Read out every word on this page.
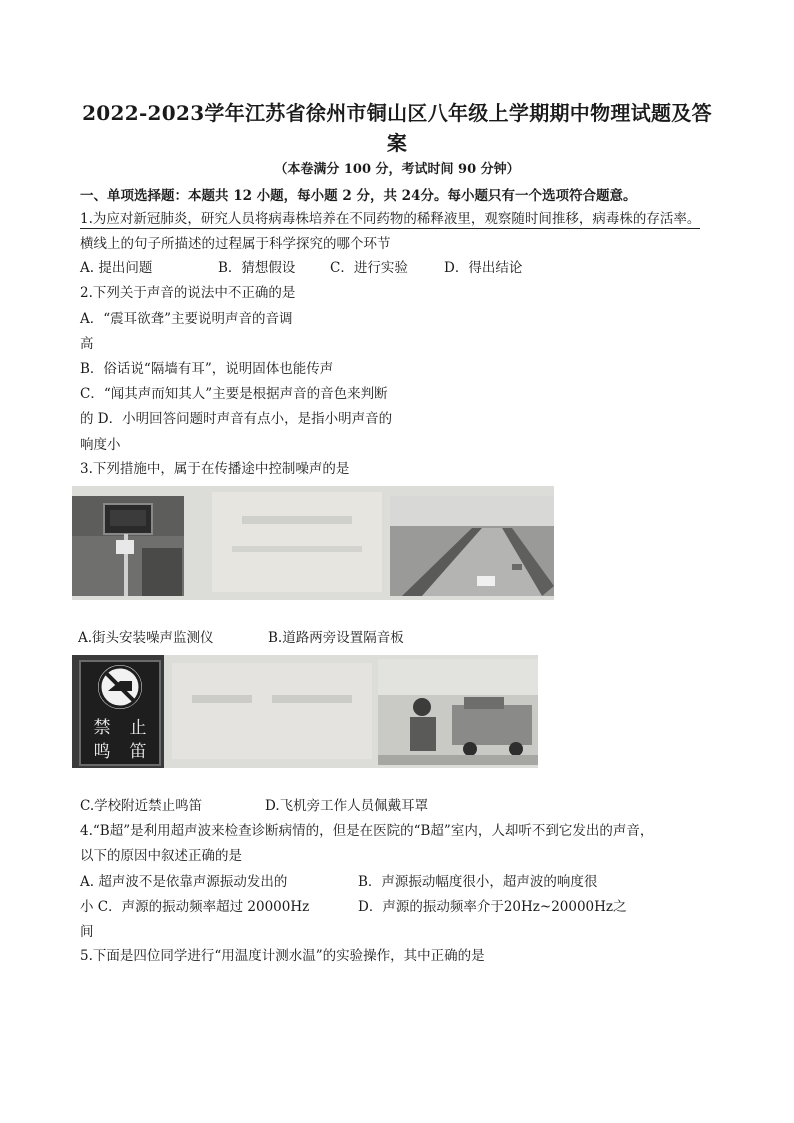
2022-2023学年江苏省徐州市铜山区八年级上学期期中物理试题及答
案
（本卷满分 100 分，考试时间 90 分钟）
一、单项选择题：本题共 12 小题，每小题 2 分，共 24分。每小题只有一个选项符合题意。
1.为应对新冠肺炎，研究人员将病毒株培养在不同药物的稀释液里，观察随时间推移，病毒株的存活率。
横线上的句子所描述的过程属于科学探究的哪个环节
A. 提出问题	B．猜想假设	C．进行实验	D．得出结论
2.下列关于声音的说法中不正确的是
A．“震耳欲聋”主要说明声音的音调
高
B．俗话说“隔墙有耳”，说明固体也能传声
C．“闻其声而知其人”主要是根据声音的音色来判断
的 D．小明回答问题时声音有点小，是指小明声音的
响度小
3.下列措施中，属于在传播途中控制噪声的是
A.街头安装噪声监测仪	B.道路两旁设置隔音板
禁 止
鸣 笛
C.学校附近禁止鸣笛	D.飞机旁工作人员佩戴耳罩
4.“B超”是利用超声波来检查诊断病情的，但是在医院的“B超”室内，人却听不到它发出的声音，
以下的原因中叙述正确的是
A. 超声波不是依靠声源振动发出的	B．声源振动幅度很小，超声波的响度很
小 C．声源的振动频率超过 20000Hz	D．声源的振动频率介于20Hz~20000Hz之
间
5.下面是四位同学进行“用温度计测水温”的实验操作，其中正确的是
